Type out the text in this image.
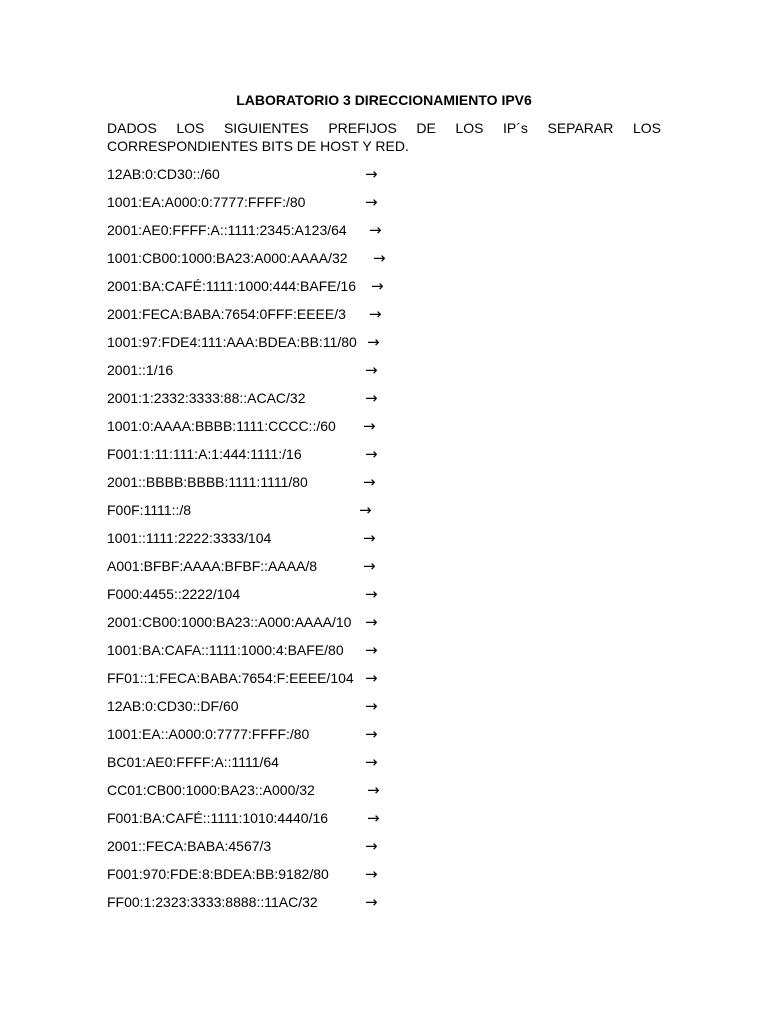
LABORATORIO 3 DIRECCIONAMIENTO IPV6
DADOS LOS SIGUIENTES PREFIJOS DE LOS IP´s SEPARAR LOS
CORRESPONDIENTES BITS DE HOST Y RED.
12AB:0:CD30::/60	→
1001:EA:A000:0:7777:FFFF:/80	→
2001:AE0:FFFF:A::1111:2345:A123/64 →
1001:CB00:1000:BA23:A000:AAAA/32 →
2001:BA:CAFÉ:1111:1000:444:BAFE/16 →
2001:FECA:BABA:7654:0FFF:EEEE/3 →
1001:97:FDE4:111:AAA:BDEA:BB:11/80 →
2001::1/16	→
2001:1:2332:3333:88::ACAC/32	→
1001:0:AAAA:BBBB:1111:CCCC::/60 →
F001:1:11:111:A:1:444:1111:/16	→
2001::BBBB:BBBB:1111:1111/80	→
F00F:1111::/8	→
1001::1111:2222:3333/104	→
A001:BFBF:AAAA:BFBF::AAAA/8	→
F000:4455::2222/104	→
2001:CB00:1000:BA23::A000:AAAA/10 →
1001:BA:CAFA::1111:1000:4:BAFE/80 →
FF01::1:FECA:BABA:7654:F:EEEE/104 →
12AB:0:CD30::DF/60	→
1001:EA::A000:0:7777:FFFF:/80	→
BC01:AE0:FFFF:A::1111/64	→
CC01:CB00:1000:BA23::A000/32	→
F001:BA:CAFÉ::1111:1010:4440/16	→
2001::FECA:BABA:4567/3	→
F001:970:FDE:8:BDEA:BB:9182/80 →
FF00:1:2323:3333:8888::11AC/32	→
